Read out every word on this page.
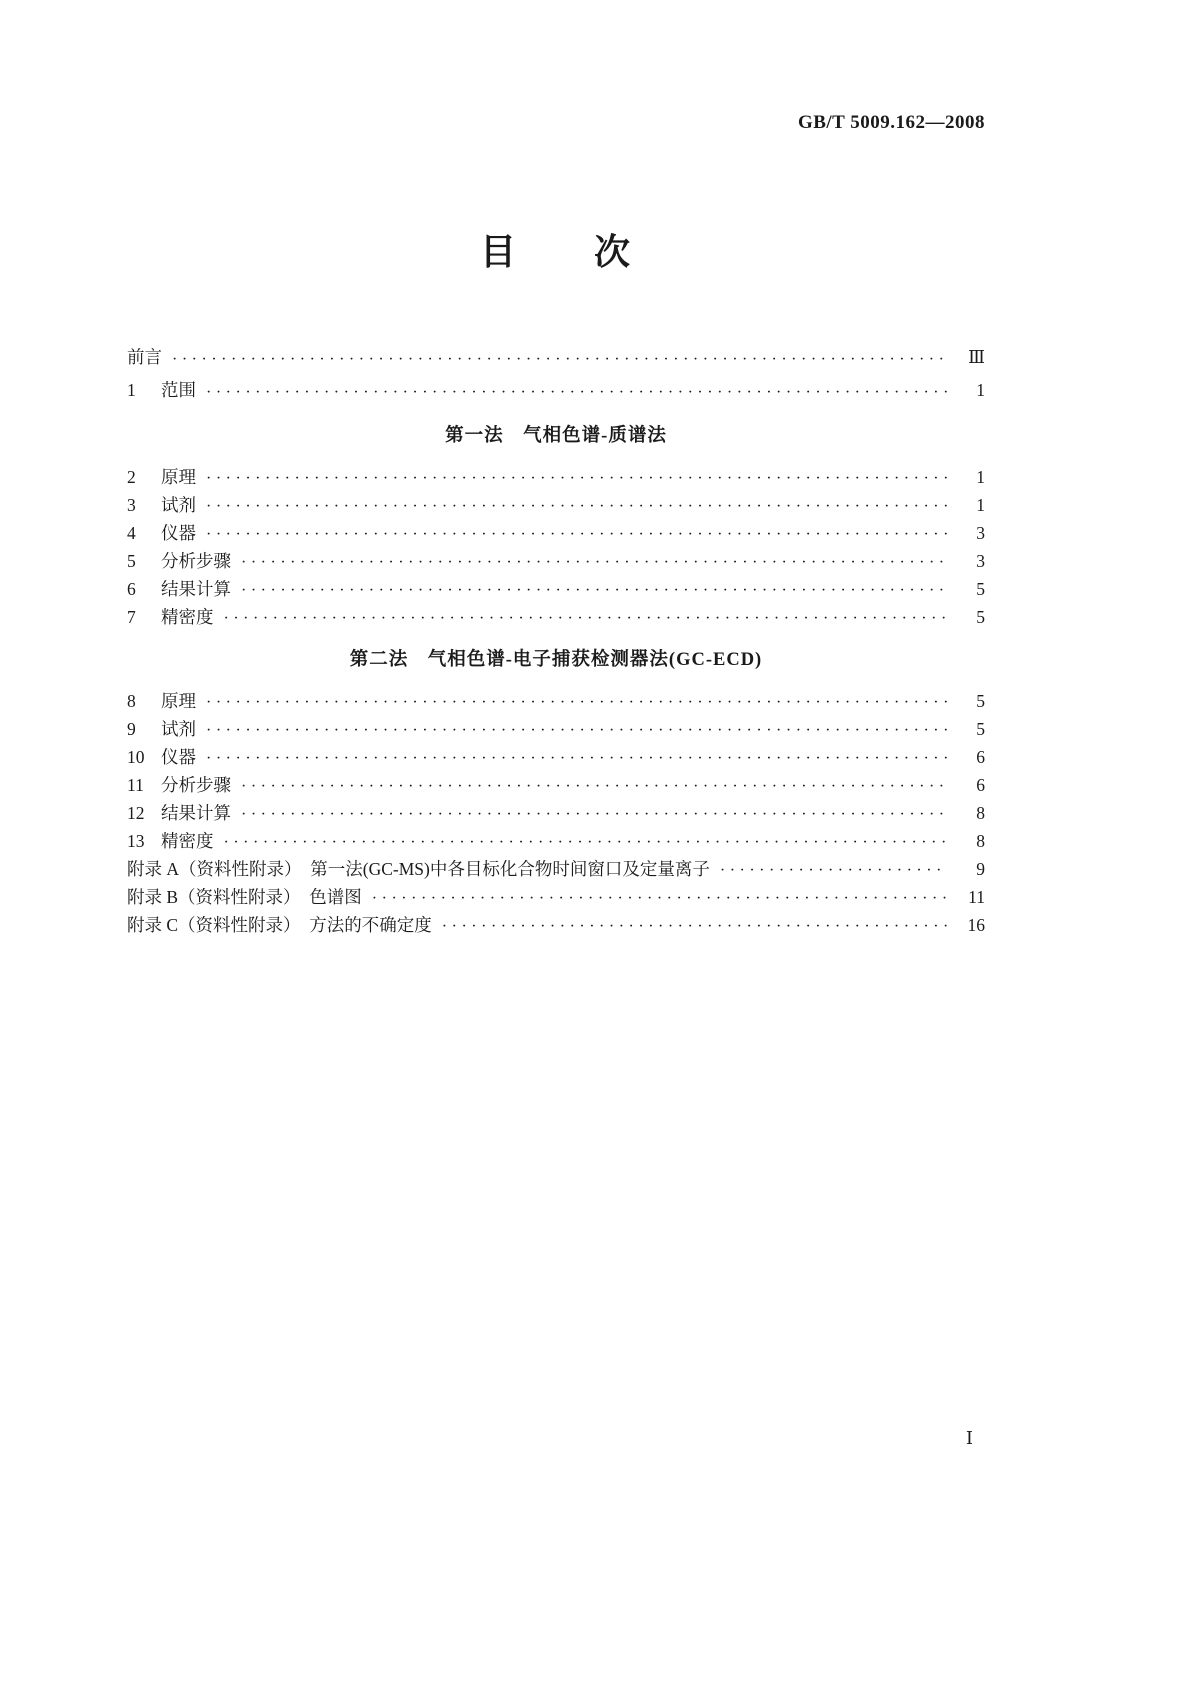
GB/T 5009.162—2008
目　　次
前言 ·····	Ⅲ
1	范围 ·····	1
第一法　气相色谱-质谱法
2	原理 ·····	1
3	试剂 ·····	1
4	仪器 ·····	3
5	分析步骤 ·····	3
6	结果计算 ·····	5
7	精密度 ·····	5
第二法　气相色谱-电子捕获检测器法(GC-ECD)
8	原理 ·····	5
9	试剂 ·····	5
10 仪器 ·····	6
11 分析步骤 ·····	6
12 结果计算 ·····	8
13 精密度 ·····	8
附录 A（资料性附录）　第一法(GC-MS)中各目标化合物时间窗口及定量离子 ·····	9
附录 B（资料性附录）　色谱图 ·····	11
附录 C（资料性附录）　方法的不确定度 ·····	16
Ⅰ
